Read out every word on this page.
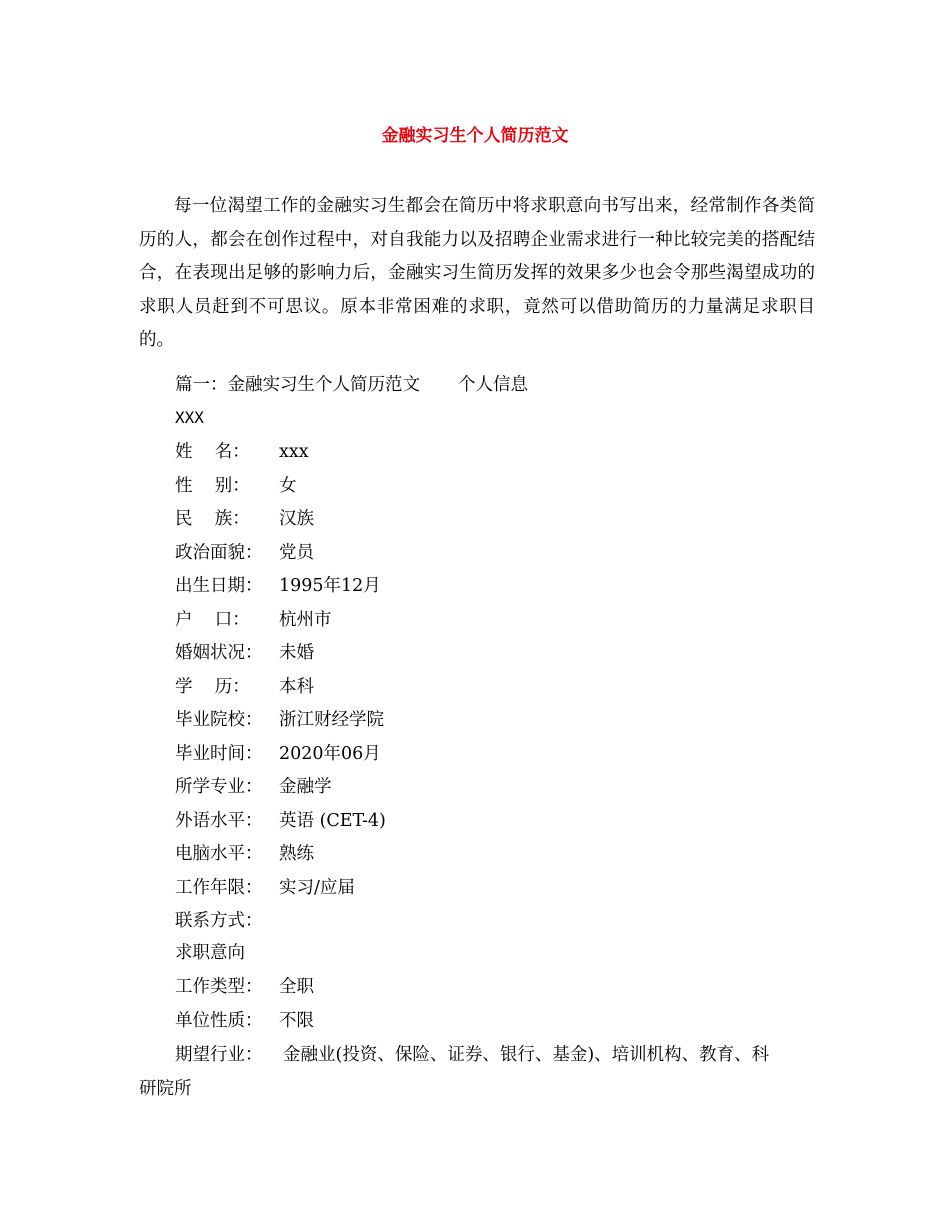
金融实习生个人简历范文

每一位渴望工作的金融实习生都会在简历中将求职意向书写出来，经常制作各类简历的人，都会在创作过程中，对自我能力以及招聘企业需求进行一种比较完美的搭配结合，在表现出足够的影响力后，金融实习生简历发挥的效果多少也会令那些渴望成功的求职人员赶到不可思议。原本非常困难的求职，竟然可以借助简历的力量满足求职目的。

篇一：金融实习生个人简历范文 个人信息
XXX
姓    名： xxx
性    别： 女
民    族： 汉族
政治面貌： 党员
出生日期： 1995年12月
户    口： 杭州市
婚姻状况： 未婚
学    历： 本科
毕业院校： 浙江财经学院
毕业时间： 2020年06月
所学专业： 金融学
外语水平： 英语 (CET-4)
电脑水平： 熟练
工作年限： 实习/应届
联系方式：
求职意向
工作类型： 全职
单位性质： 不限
期望行业： 金融业(投资、保险、证券、银行、基金)、培训机构、教育、科
研院所
